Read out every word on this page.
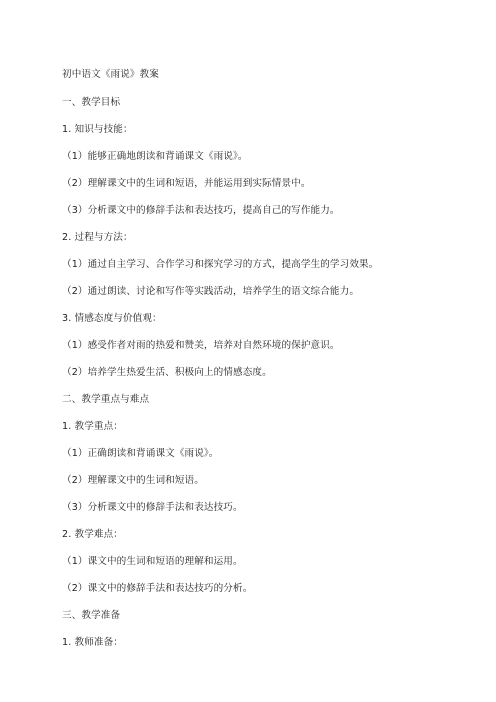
初中语文《雨说》教案
一、教学目标
1. 知识与技能：
（1）能够正确地朗读和背诵课文《雨说》。
（2）理解课文中的生词和短语，并能运用到实际情景中。
（3）分析课文中的修辞手法和表达技巧，提高自己的写作能力。
2. 过程与方法：
（1）通过自主学习、合作学习和探究学习的方式，提高学生的学习效果。
（2）通过朗读、讨论和写作等实践活动，培养学生的语文综合能力。
3. 情感态度与价值观：
（1）感受作者对雨的热爱和赞美，培养对自然环境的保护意识。
（2）培养学生热爱生活、积极向上的情感态度。
二、教学重点与难点
1. 教学重点：
（1）正确朗读和背诵课文《雨说》。
（2）理解课文中的生词和短语。
（3）分析课文中的修辞手法和表达技巧。
2. 教学难点：
（1）课文中的生词和短语的理解和运用。
（2）课文中的修辞手法和表达技巧的分析。
三、教学准备
1. 教师准备：
